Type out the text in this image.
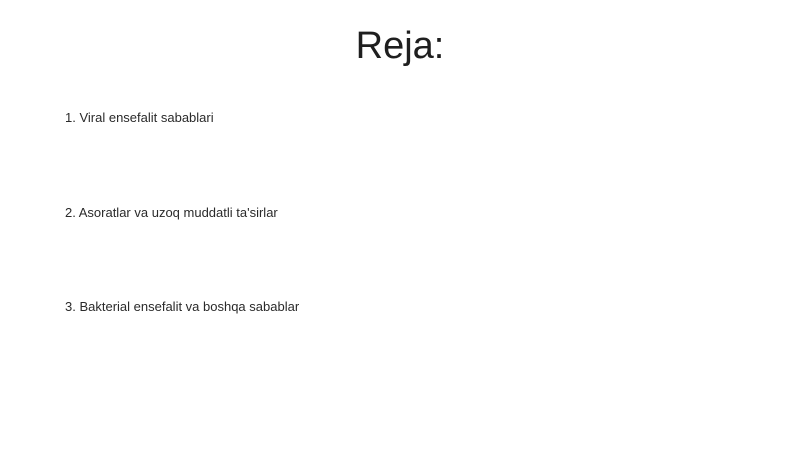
Reja:
1. Viral ensefalit sabablari
2. Asoratlar va uzoq muddatli ta'sirlar
3. Bakterial ensefalit va boshqa sabablar
